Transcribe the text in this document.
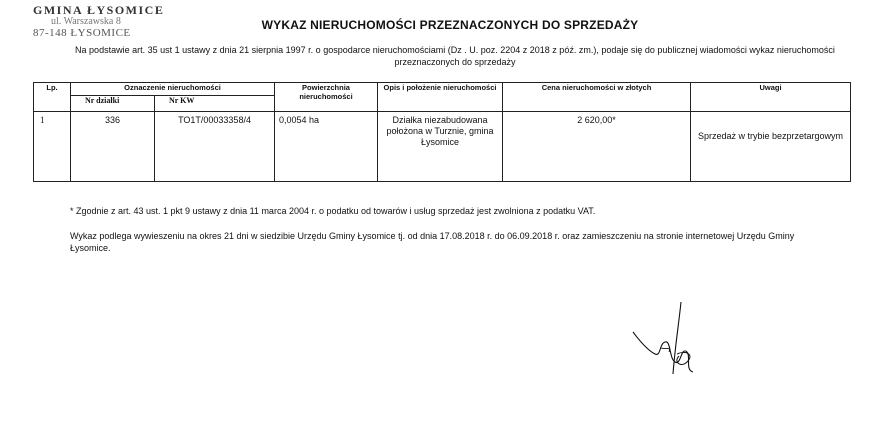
GMINA ŁYSOMICE
ul. Warszawska 8
87-148 ŁYSOMICE
WYKAZ NIERUCHOMOŚCI PRZEZNACZONYCH DO SPRZEDAŻY
Na podstawie art. 35 ust 1 ustawy z dnia 21 sierpnia 1997 r. o gospodarce nieruchomościami (Dz . U. poz. 2204 z 2018 z póź. zm.), podaje się do publicznej wiadomości wykaz nieruchomości przeznaczonych do sprzedaży
Lp.	Oznaczenie nieruchomości		Powierzchnia nieruchomości	Opis i położenie nieruchomości	Cena nieruchomości w złotych	Uwagi
	Nr działki	Nr KW				
1	336	TO1T/00033358/4	0,0054 ha	Działka niezabudowana położona w Turznie, gmina Łysomice	2 620,00*	Sprzedaż w trybie bezprzetargowym
* Zgodnie z art. 43 ust. 1 pkt 9 ustawy z dnia 11 marca 2004 r. o podatku od towarów i usług sprzedaż jest zwolniona z podatku VAT.
Wykaz podlega wywieszeniu na okres 21 dni w siedzibie Urzędu Gminy Łysomice tj. od dnia 17.08.2018 r. do 06.09.2018 r. oraz zamieszczeniu na stronie internetowej Urzędu Gminy Łysomice.
